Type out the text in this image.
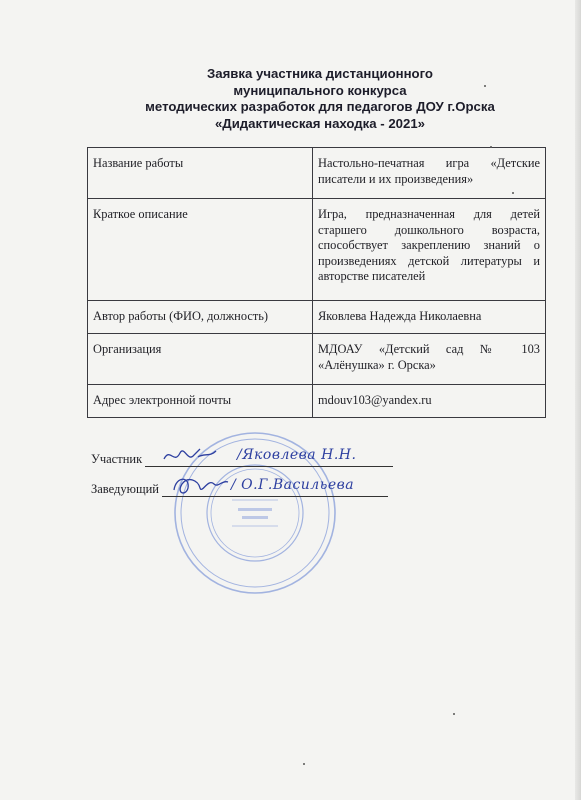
Заявка участника дистанционного
муниципального конкурса
методических разработок для педагогов ДОУ г.Орска
«Дидактическая находка - 2021»
Название работы	Настольно-печатная игра «Детские писатели и их произведения»
Краткое описание	Игра, предназначенная для детей старшего дошкольного возраста, способствует закреплению знаний о произведениях детской литературы и авторстве писателей
Автор работы (ФИО, должность)	Яковлева Надежда Николаевна
Организация	МДОАУ «Детский сад № 103 «Алёнушка» г. Орска»
Адрес электронной почты	mdouv103@yandex.ru
Участник	/Яковлева Н.Н.
Заведующий	/ О.Г.Васильева
